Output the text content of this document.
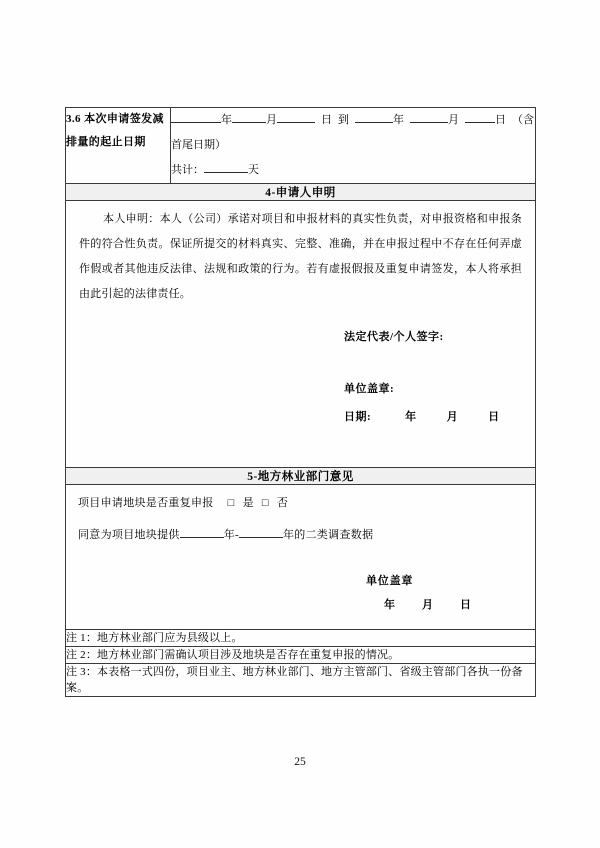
3.6 本次申请签发减排量的起止日期	
年	月	日 到	年	月	日 （含首尾日期）
共计：	天

4-申请人申明

本人申明：本人（公司）承诺对项目和申报材料的真实性负责，对申报资格和申报条件的符合性负责。保证所提交的材料真实、完整、准确，并在申报过程中不存在任何弄虚作假或者其他违反法律、法规和政策的行为。若有虚报假报及重复申请签发，本人将承担由此引起的法律责任。

法定代表/个人签字:
单位盖章:
日期:	年	月	日

5-地方林业部门意见

项目申请地块是否重复申报 □ 是 □ 否
同意为项目地块提供	年-	年的二类调查数据
单位盖章
年 月 日

注 1：地方林业部门应为县级以上。
注 2：地方林业部门需确认项目涉及地块是否存在重复申报的情况。
注 3：本表格一式四份，项目业主、地方林业部门、地方主管部门、省级主管部门各执一份备案。
25
